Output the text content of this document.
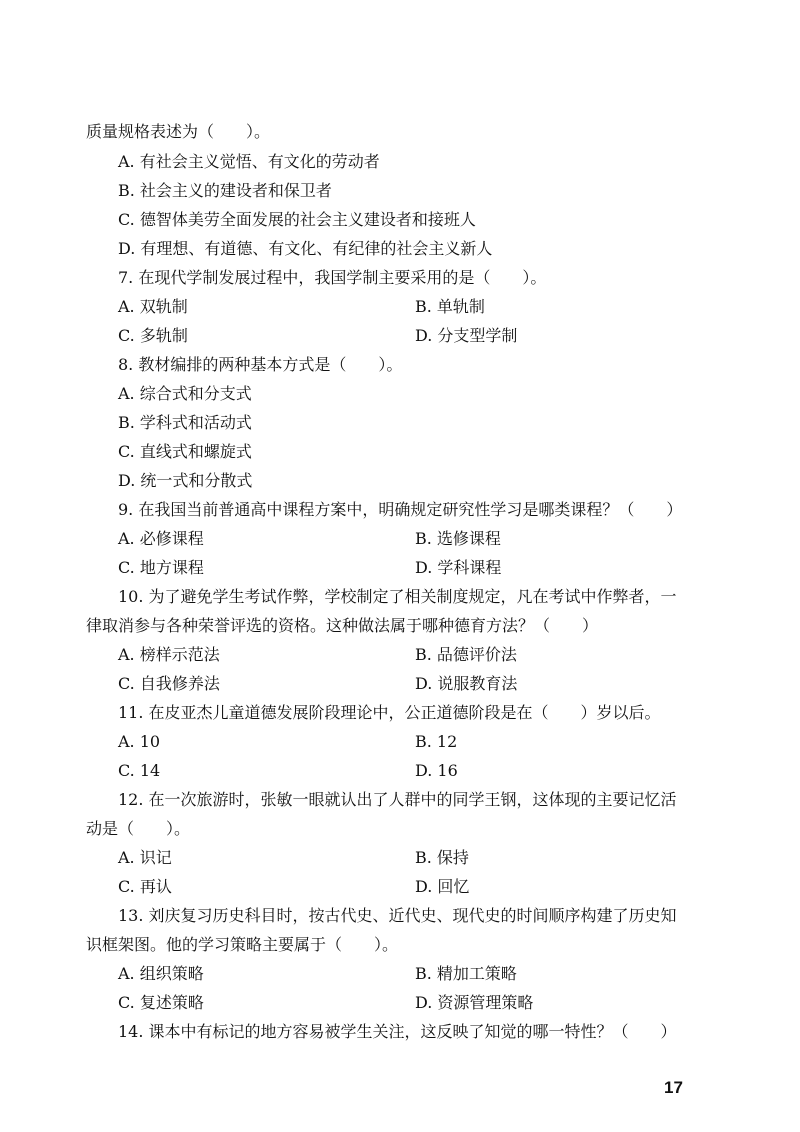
质量规格表述为（　　）。
A. 有社会主义觉悟、有文化的劳动者
B. 社会主义的建设者和保卫者
C. 德智体美劳全面发展的社会主义建设者和接班人
D. 有理想、有道德、有文化、有纪律的社会主义新人
7. 在现代学制发展过程中，我国学制主要采用的是（　　）。
A. 双轨制	B. 单轨制
C. 多轨制	D. 分支型学制
8. 教材编排的两种基本方式是（　　）。
A. 综合式和分支式
B. 学科式和活动式
C. 直线式和螺旋式
D. 统一式和分散式
9. 在我国当前普通高中课程方案中，明确规定研究性学习是哪类课程？（　　）
A. 必修课程	B. 选修课程
C. 地方课程	D. 学科课程
10. 为了避免学生考试作弊，学校制定了相关制度规定，凡在考试中作弊者，一
律取消参与各种荣誉评选的资格。这种做法属于哪种德育方法？（　　）
A. 榜样示范法	B. 品德评价法
C. 自我修养法	D. 说服教育法
11. 在皮亚杰儿童道德发展阶段理论中，公正道德阶段是在（　　）岁以后。
A. 10	B. 12
C. 14	D. 16
12. 在一次旅游时，张敏一眼就认出了人群中的同学王钢，这体现的主要记忆活
动是（　　）。
A. 识记	B. 保持
C. 再认	D. 回忆
13. 刘庆复习历史科目时，按古代史、近代史、现代史的时间顺序构建了历史知
识框架图。他的学习策略主要属于（　　）。
A. 组织策略	B. 精加工策略
C. 复述策略	D. 资源管理策略
14. 课本中有标记的地方容易被学生关注，这反映了知觉的哪一特性？（　　）
17
